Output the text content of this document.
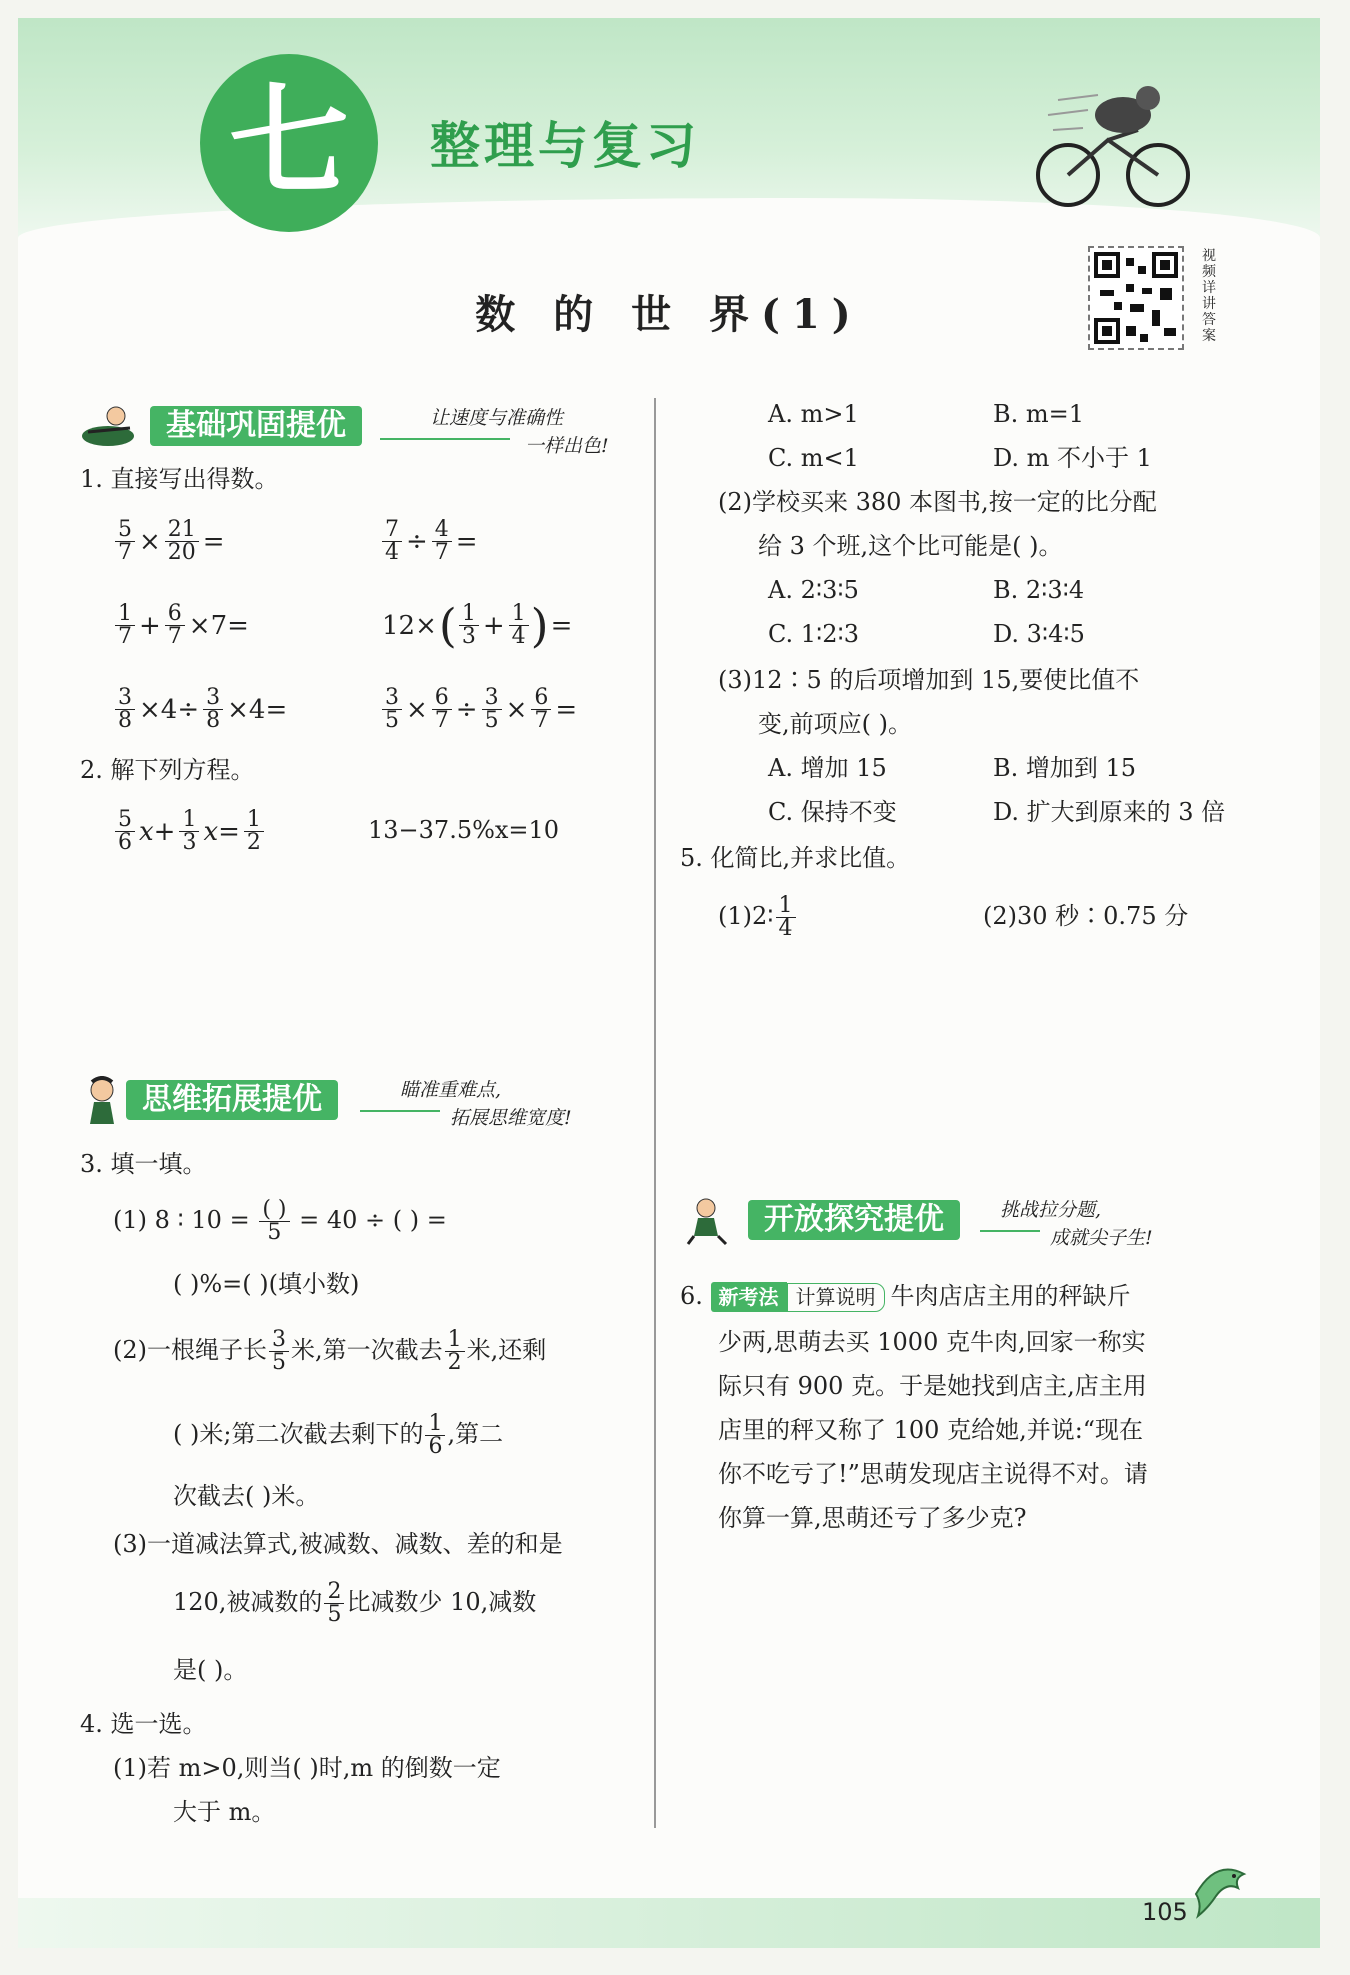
七	整理与复习
数 的 世 界(1)
视频详讲答案
基础巩固提优	让速度与准确性
一样出色!
1. 直接写出得数。
$\frac{5}{7} \times \frac{21}{20}$ =	$\frac{7}{4} \div \frac{4}{7}$ =
$\frac{1}{7} + \frac{6}{7} \times 7=$	$12\times( \frac{1}{3} + \frac{1}{4}$ )=
$\frac{3}{8} \times 4\div \frac{3}{8} \times 4=$	$\frac{3}{5} \times \frac{6}{7} \div \frac{3}{5} \times \frac{6}{7}$ =
2. 解下列方程。
$\frac{5}{6} x+ \frac{1}{3} x= \frac{1}{2}$	13−37.5%x=10
思维拓展提优	瞄准重难点,
拓展思维宽度!
3. 填一填。
(1) 8 ∶ $10 = \frac{( )}{5} = 40$ ÷ ( ) =
( )%=( )(填小数)
(2)一根绳子长 $\frac{3}{5}$ 米,第一次截去 $\frac{1}{2}$ 米,还剩
( )米;第二次截去剩下的 $\frac{1}{6}$ ,第二
次截去( )米。
(3)一道减法算式,被减数、减数、差的和是
120,被减数的 $\frac{2}{5}$ 比减数少 10,减数
是( )。
4. 选一选。
(1)若 m>0,则当( )时,m 的倒数一定
大于 m。
A. m>1	B. m=1
C. m<1	D. m 不小于 1
(2)学校买来 380 本图书,按一定的比分配
给 3 个班,这个比可能是( )。
A. 2∶3∶5	B. 2∶3∶4
C. 1∶2∶3	D. 3∶4∶5
(3)12∶5 的后项增加到 15,要使比值不
变,前项应( )。
A. 增加 15	B. 增加到 15
C. 保持不变	D. 扩大到原来的 3 倍
5. 化简比,并求比值。
(1)2∶ $\frac{1}{4}$	(2)30 秒∶0.75 分
开放探究提优	挑战拉分题,
成就尖子生!
6. 新考法 计算说明 牛肉店店主用的秤缺斤
少两,思萌去买 1000 克牛肉,回家一称实
际只有 900 克。于是她找到店主,店主用
店里的秤又称了 100 克给她,并说:“现在
你不吃亏了!”思萌发现店主说得不对。请
你算一算,思萌还亏了多少克?
105
